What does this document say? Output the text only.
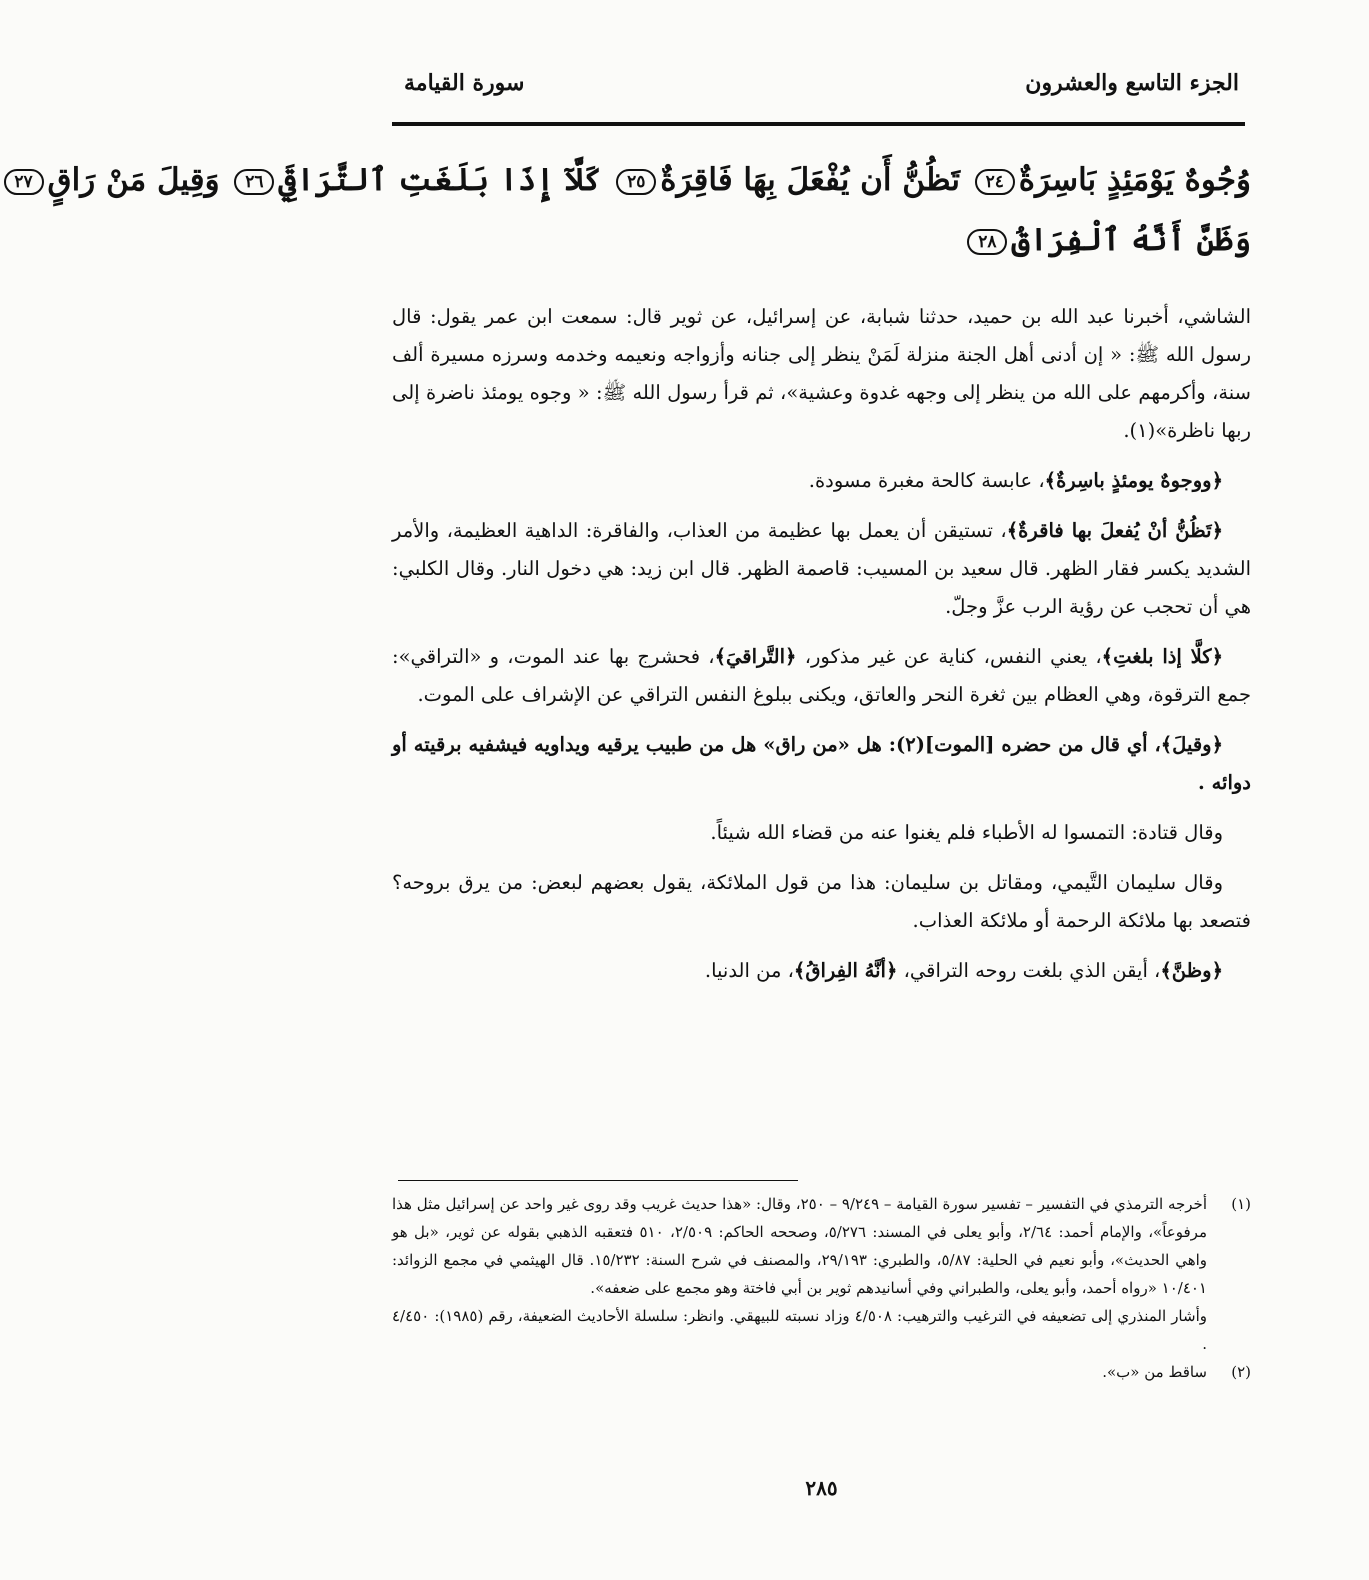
الجزء التاسع والعشرون
سورة القيامة
وُجُوهٌ يَوْمَئِذٍ بَاسِرَةٌ٢٤ تَظُنُّ أَن يُفْعَلَ بِهَا فَاقِرَةٌ٢٥ كَلَّآ إِذَا بَلَغَتِ ٱلتَّرَاقِيَ٢٦ وَقِيلَ مَنْ رَاقٍ٢٧
وَظَنَّ أَنَّهُ ٱلْفِرَاقُ٢٨

الشاشي، أخبرنا عبد الله بن حميد، حدثنا شبابة، عن إسرائيل، عن ثوير قال: سمعت ابن عمر يقول: قال رسول الله ﷺ: « إن أدنى أهل الجنة منزلة لَمَنْ ينظر إلى جنانه وأزواجه ونعيمه وخدمه وسرزه مسيرة ألف سنة، وأكرمهم على الله من ينظر إلى وجهه غدوة وعشية»، ثم قرأ رسول الله ﷺ: « وجوه يومئذ ناضرة إلى ربها ناظرة»(١).

﴿ووجوهٌ يومئذٍ باسِرةٌ﴾، عابسة كالحة مغبرة مسودة.

﴿تَظُنُّ أنْ يُفعلَ بها فاقرةٌ﴾، تستيقن أن يعمل بها عظيمة من العذاب، والفاقرة: الداهية العظيمة، والأمر الشديد يكسر فقار الظهر. قال سعيد بن المسيب: قاصمة الظهر. قال ابن زيد: هي دخول النار. وقال الكلبي: هي أن تحجب عن رؤية الرب عزَّ وجلّ.

﴿كلَّا إذا بلغتِ﴾، يعني النفس، كناية عن غير مذكور، ﴿التَّراقيَ﴾، فحشرج بها عند الموت، و «التراقي»: جمع الترقوة، وهي العظام بين ثغرة النحر والعاتق، ويكنى ببلوغ النفس التراقي عن الإشراف على الموت.

﴿وقيلَ﴾، أي قال من حضره [الموت](٢): هل «من راق» هل من طبيب يرقيه ويداويه فيشفيه برقيته أو دوائه .

وقال قتادة: التمسوا له الأطباء فلم يغنوا عنه من قضاء الله شيئاً.

وقال سليمان التَّيمي، ومقاتل بن سليمان: هذا من قول الملائكة، يقول بعضهم لبعض: من يرق بروحه؟ فتصعد بها ملائكة الرحمة أو ملائكة العذاب.

﴿وظنَّ﴾، أيقن الذي بلغت روحه التراقي، ﴿أنَّهُ الفِراقُ﴾، من الدنيا.

(١)

أخرجه الترمذي في التفسير – تفسير سورة القيامة – ٩/٢٤٩ – ٢٥٠، وقال: «هذا حديث غريب وقد روى غير واحد عن إسرائيل مثل هذا مرفوعاً»، والإمام أحمد: ٢/٦٤، وأبو يعلى في المسند: ٥/٢٧٦، وصححه الحاكم: ٢/٥٠٩، ٥١٠ فتعقبه الذهبي بقوله عن ثوير، «بل هو واهي الحديث»، وأبو نعيم في الحلية: ٥/٨٧، والطبري: ٢٩/١٩٣، والمصنف في شرح السنة: ١٥/٢٣٢. قال الهيثمي في مجمع الزوائد: ١٠/٤٠١ «رواه أحمد، وأبو يعلى، والطبراني وفي أسانيدهم ثوير بن أبي فاختة وهو مجمع على ضعفه».

وأشار المنذري إلى تضعيفه في الترغيب والترهيب: ٤/٥٠٨ وزاد نسبته للبيهقي. وانظر: سلسلة الأحاديث الضعيفة، رقم (١٩٨٥): ٤/٤٥٠ .

(٢)
ساقط من «ب».
٢٨٥
